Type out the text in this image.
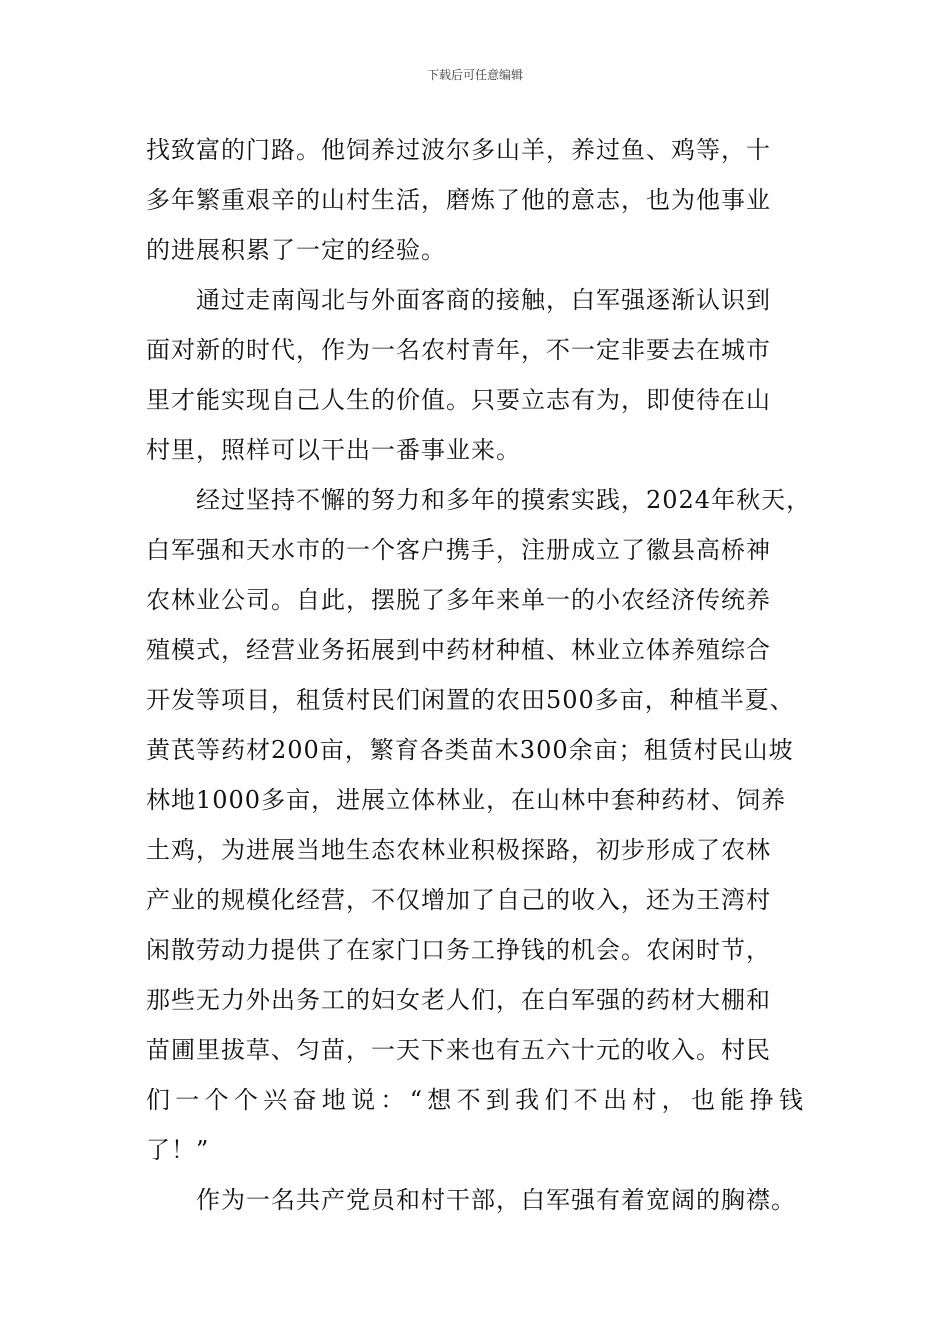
下载后可任意编辑
找致富的门路。他饲养过波尔多山羊，养过鱼、鸡等，十
多年繁重艰辛的山村生活，磨炼了他的意志，也为他事业
的进展积累了一定的经验。
　　通过走南闯北与外面客商的接触，白军强逐渐认识到
面对新的时代，作为一名农村青年，不一定非要去在城市
里才能实现自己人生的价值。只要立志有为，即使待在山
村里，照样可以干出一番事业来。
　　经过坚持不懈的努力和多年的摸索实践，2024年秋天，
白军强和天水市的一个客户携手，注册成立了徽县高桥神
农林业公司。自此，摆脱了多年来单一的小农经济传统养
殖模式，经营业务拓展到中药材种植、林业立体养殖综合
开发等项目，租赁村民们闲置的农田500多亩，种植半夏、
黄芪等药材200亩，繁育各类苗木300余亩；租赁村民山坡
林地1000多亩，进展立体林业，在山林中套种药材、饲养
土鸡，为进展当地生态农林业积极探路，初步形成了农林
产业的规模化经营，不仅增加了自己的收入，还为王湾村
闲散劳动力提供了在家门口务工挣钱的机会。农闲时节，
那些无力外出务工的妇女老人们，在白军强的药材大棚和
苗圃里拔草、匀苗，一天下来也有五六十元的收入。村民
们一个个兴奋地说：“想不到我们不出村，也能挣钱
了！”
　　作为一名共产党员和村干部，白军强有着宽阔的胸襟。
